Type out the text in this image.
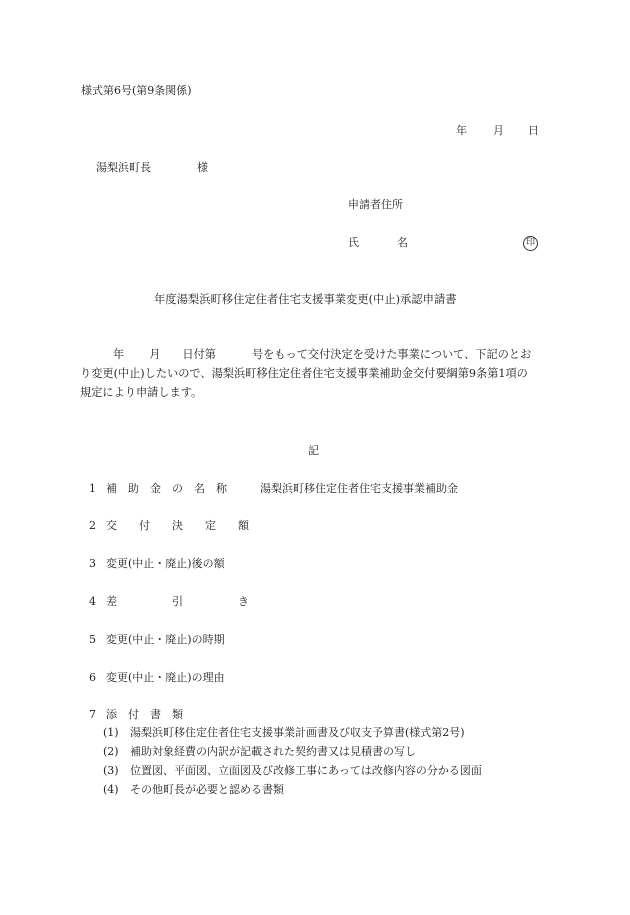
様式第6号(第9条関係)
年 月 日
湯梨浜町長	様
申請者住所
氏	名	印
年度湯梨浜町移住定住者住宅支援事業変更(中止)承認申請書
年 月 日付第	号をもって交付決定を受けた事業について、下記のとお
り変更(中止)したいので、湯梨浜町移住定住者住宅支援事業補助金交付要綱第9条第1項の
規定により申請します。
記
1 補　助　金　の　名　称	湯梨浜町移住定住者住宅支援事業補助金
2 交　　付　　決　　定　　額
3 変更(中止・廃止)後の額
4 差　　　　　引　　　　　き
5 変更(中止・廃止)の時期
6 変更(中止・廃止)の理由
7 添　付　書　類
(1) 湯梨浜町移住定住者住宅支援事業計画書及び収支予算書(様式第2号)
(2) 補助対象経費の内訳が記載された契約書又は見積書の写し
(3) 位置図、平面図、立面図及び改修工事にあっては改修内容の分かる図面
(4) その他町長が必要と認める書類
